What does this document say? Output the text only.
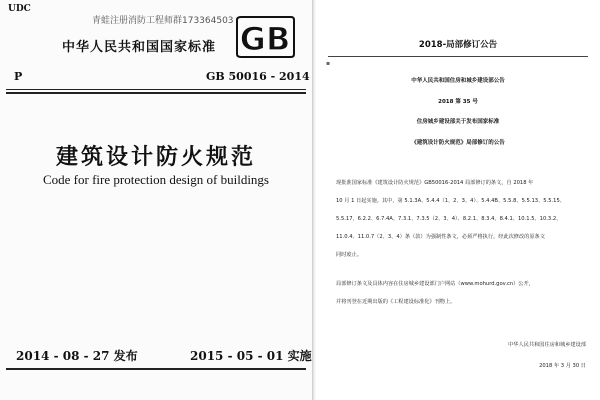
UDC
青蛙注册消防工程师群173364503
中华人民共和国国家标准 GB
P	GB 50016 - 2014
建筑设计防火规范
Code for fire protection design of buildings
2014 - 08 - 27 发布	2015 - 05 - 01 实施
2018-局部修订公告
▪
中华人民共和国住房和城乡建设部公告
2018 第 35 号
住房城乡建设部关于发布国家标准
《建筑设计防火规范》局部修订的公告
现批准国家标准《建筑设计防火规范》GB50016-2014 局部修订的条文，自 2018 年
10 月 1 日起实施。其中，第 5.1.3A、5.4.4（1、2、3、4）、5.4.4B、5.5.8、5.5.13、5.5.15、
5.5.17、6.2.2、6.7.4A、7.3.1、7.3.5（2、3、4）、8.2.1、8.3.4、8.4.1、10.1.5、10.3.2、
11.0.4、11.0.7（2、3、4）条（款）为强制性条文，必须严格执行。经此次修改的原条文
同时废止。
局部修订条文及具体内容在住房城乡建设部门户网站（www.mohurd.gov.cn）公开，
并将刊登在近期出版的《工程建设标准化》刊物上。
中华人民共和国住房和城乡建设部
2018 年 3 月 30 日
